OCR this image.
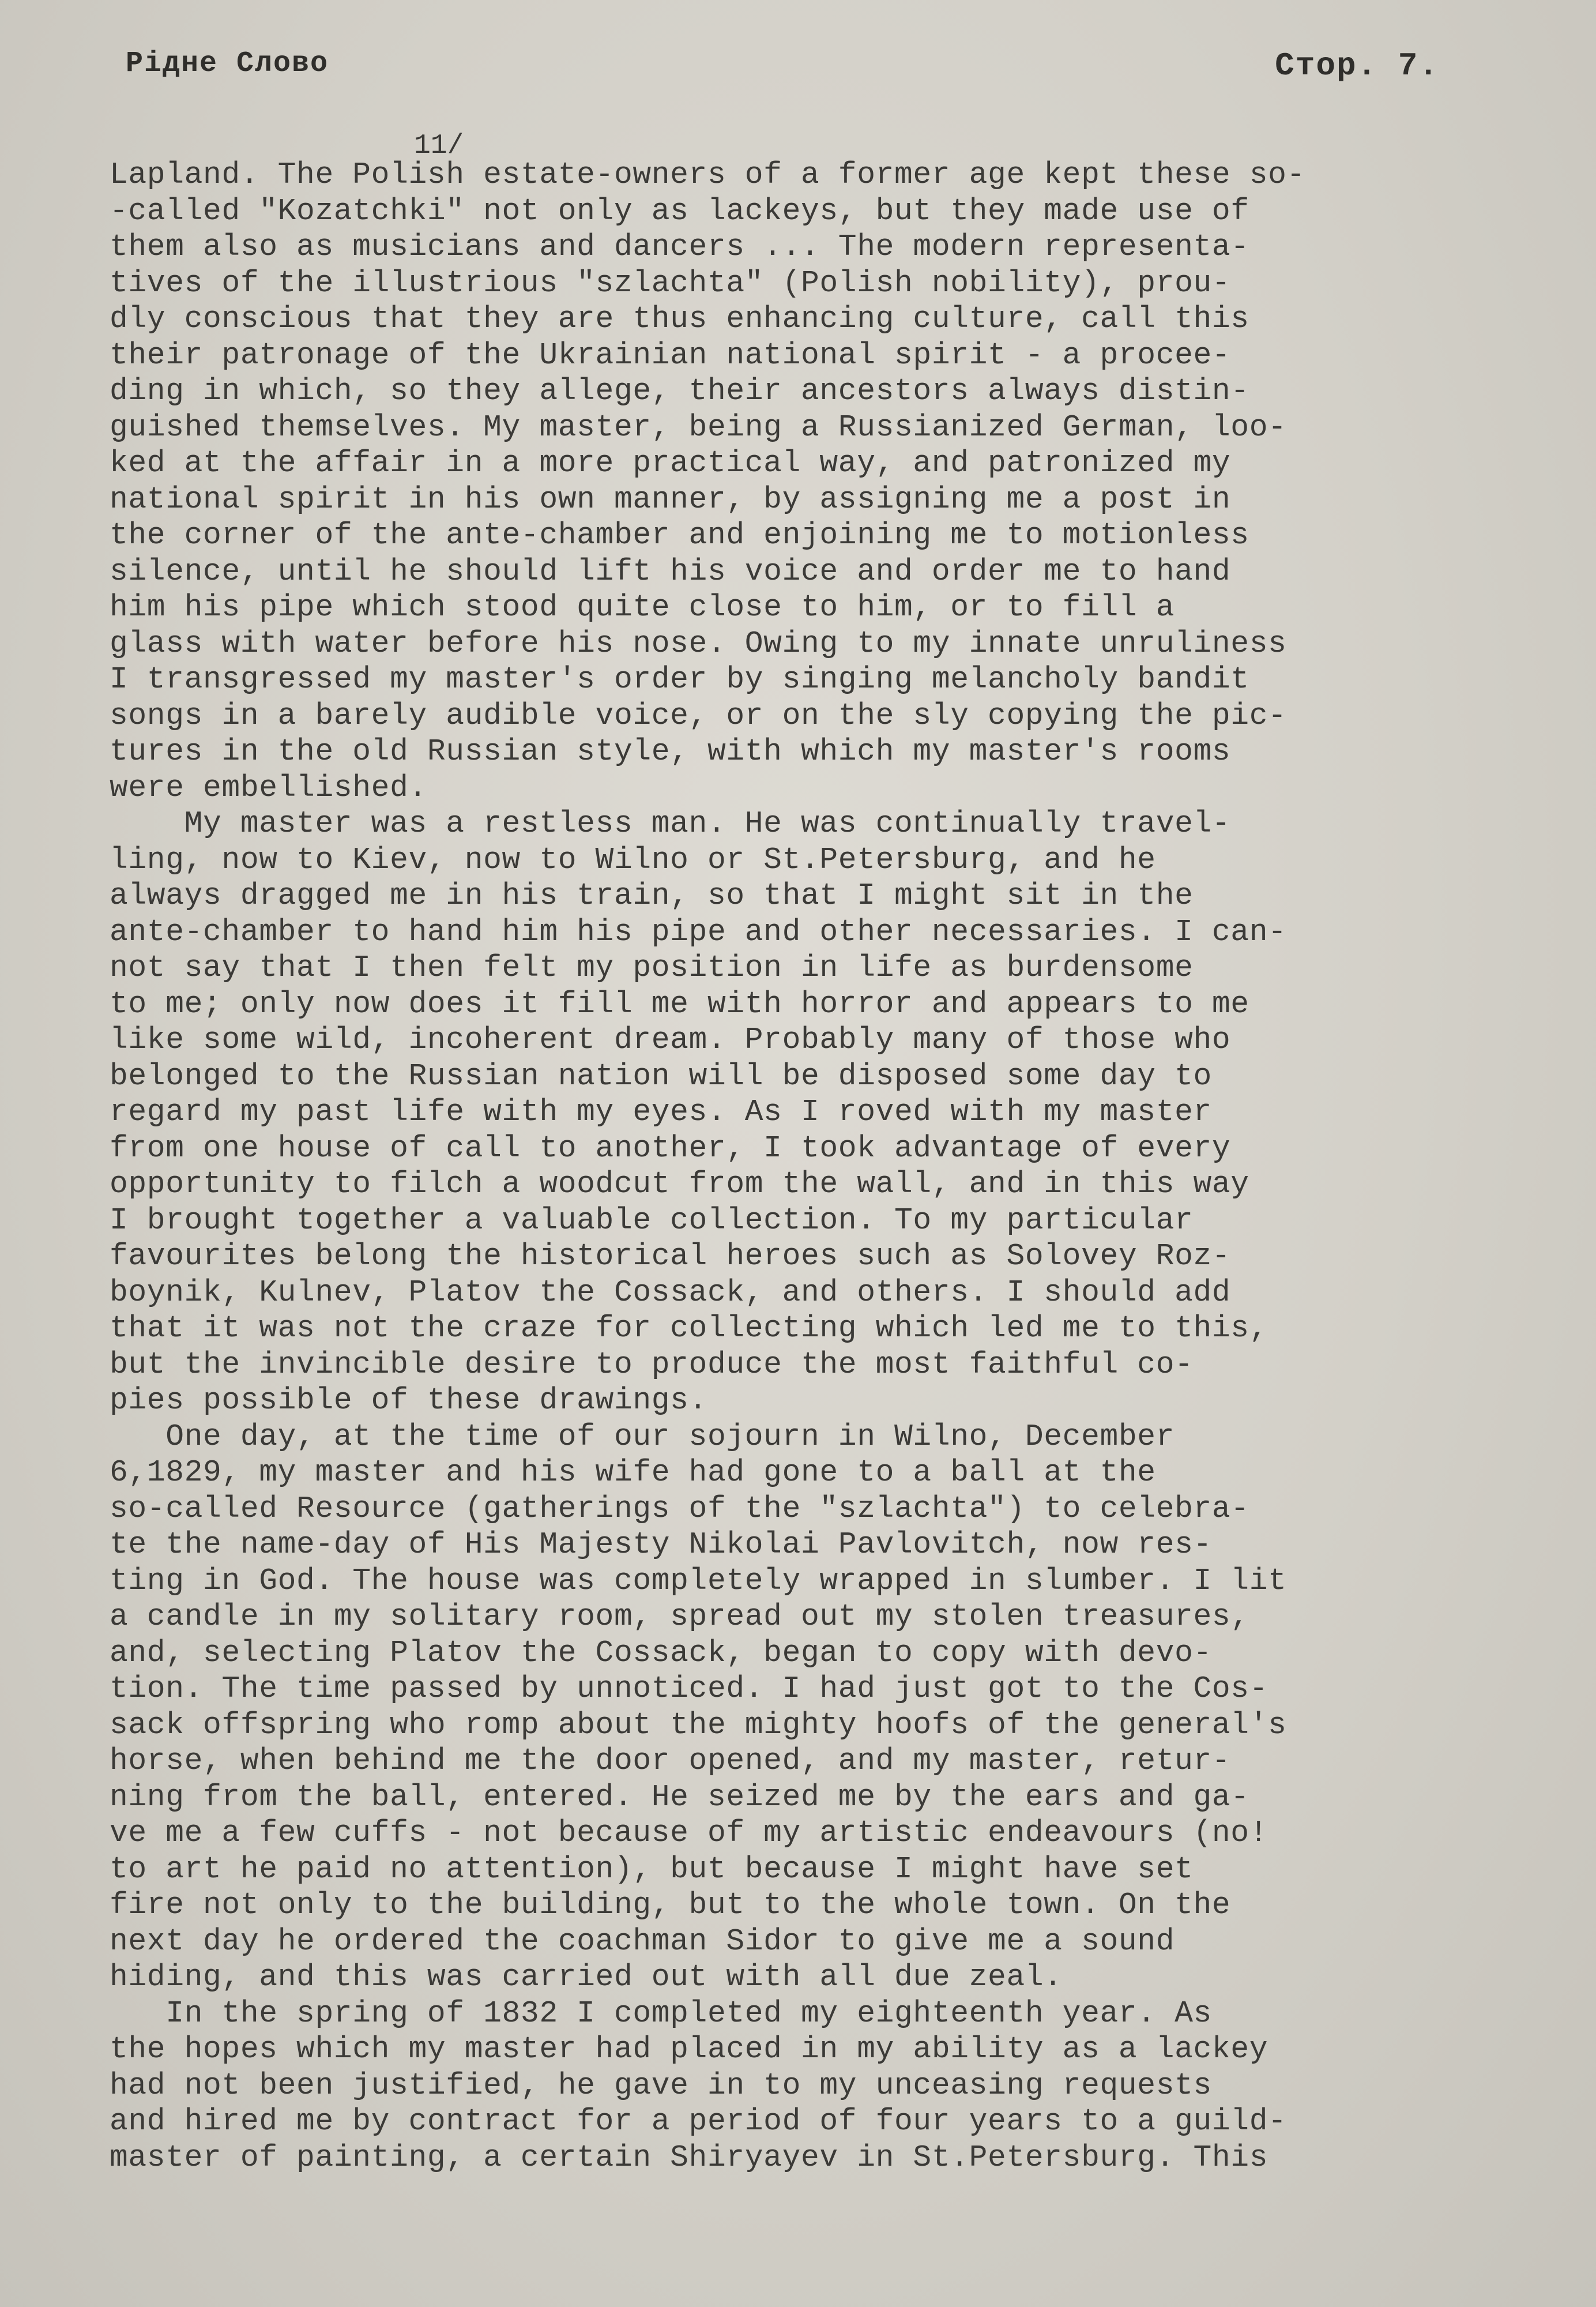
Рідне Слово	Стор. 7.
11/
Lapland. The Polish estate-owners of a former age kept these so-
-called "Kozatchki" not only as lackeys, but they made use of
them also as musicians and dancers ... The modern representa-
tives of the illustrious "szlachta" (Polish nobility), prou-
dly conscious that they are thus enhancing culture, call this
their patronage of the Ukrainian national spirit - a procee-
ding in which, so they allege, their ancestors always distin-
guished themselves. My master, being a Russianized German, loo-
ked at the affair in a more practical way, and patronized my
national spirit in his own manner, by assigning me a post in
the corner of the ante-chamber and enjoining me to motionless
silence, until he should lift his voice and order me to hand
him his pipe which stood quite close to him, or to fill a
glass with water before his nose. Owing to my innate unruliness
I transgressed my master's order by singing melancholy bandit
songs in a barely audible voice, or on the sly copying the pic-
tures in the old Russian style, with which my master's rooms
were embellished.
My master was a restless man. He was continually travel-
ling, now to Kiev, now to Wilno or St.Petersburg, and he
always dragged me in his train, so that I might sit in the
ante-chamber to hand him his pipe and other necessaries. I can-
not say that I then felt my position in life as burdensome
to me; only now does it fill me with horror and appears to me
like some wild, incoherent dream. Probably many of those who
belonged to the Russian nation will be disposed some day to
regard my past life with my eyes. As I roved with my master
from one house of call to another, I took advantage of every
opportunity to filch a woodcut from the wall, and in this way
I brought together a valuable collection. To my particular
favourites belong the historical heroes such as Solovey Roz-
boynik, Kulnev, Platov the Cossack, and others. I should add
that it was not the craze for collecting which led me to this,
but the invincible desire to produce the most faithful co-
pies possible of these drawings.
One day, at the time of our sojourn in Wilno, December
6,1829, my master and his wife had gone to a ball at the
so-called Resource (gatherings of the "szlachta") to celebra-
te the name-day of His Majesty Nikolai Pavlovitch, now res-
ting in God. The house was completely wrapped in slumber. I lit
a candle in my solitary room, spread out my stolen treasures,
and, selecting Platov the Cossack, began to copy with devo-
tion. The time passed by unnoticed. I had just got to the Cos-
sack offspring who romp about the mighty hoofs of the general's
horse, when behind me the door opened, and my master, retur-
ning from the ball, entered. He seized me by the ears and ga-
ve me a few cuffs - not because of my artistic endeavours (no!
to art he paid no attention), but because I might have set
fire not only to the building, but to the whole town. On the
next day he ordered the coachman Sidor to give me a sound
hiding, and this was carried out with all due zeal.
In the spring of 1832 I completed my eighteenth year. As
the hopes which my master had placed in my ability as a lackey
had not been justified, he gave in to my unceasing requests
and hired me by contract for a period of four years to a guild-
master of painting, a certain Shiryayev in St.Petersburg. This
